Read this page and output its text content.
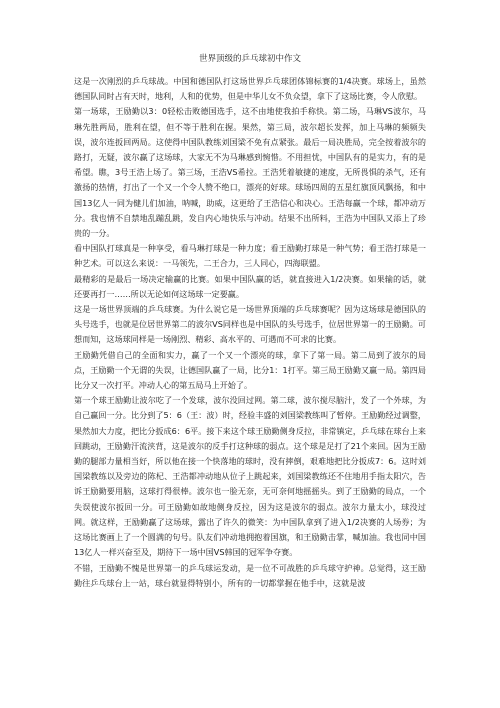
世界顶级的乒乓球初中作文

这是一次刚烈的乒乓球战。中国和德国队打这场世界乒乓球团体锦标赛的1/4决赛。球场上，虽然德国队同时占有天时，地利，人和的优势，但是中华儿女不负众望，拿下了这场比赛，令人欣慰。

第一场球，王励勤以3：0轻松击败德国选手，这不由地使我拍手称快。第二场，马琳VS波尔，马琳先胜两局，胜利在望，但不等于胜利在握。果然，第三局，波尔超长发挥，加上马琳的频频失误，波尔连扳回两局。这使得中国队教练刘国梁不免有点紧张。最后一局决胜局，完全按着波尔的路打，无疑，波尔赢了这场球，大家无不为马琳感到惋惜。不用担忧，中国队有的是实力，有的是希望。瞧，3号王浩上场了。第三场，王浩VS希拉。王浩凭着敏捷的速度，无所畏惧的杀气，还有激扬的热情，打出了一个又一个令人赞不绝口，漂亮的好球。球场四周的五星红旗顶风飘扬，和中国13亿人一同为健儿们加油，呐喊，助威，这更给了王浩信心和决心。王浩每赢一个球，都冲动万分。我也情不自禁地乱蹦乱跳，发自内心地快乐与冲动。结果不出所料，王浩为中国队又添上了珍贵的一分。

看中国队打球真是一种享受，看马琳打球是一种力度；看王励勤打球是一种气势；看王浩打球是一种艺术。可以这么来说：一马领先，二王合力，三人同心，四海联盟。

最精彩的是最后一场决定输赢的比赛。如果中国队赢的话，就直接进入1/2决赛。如果输的话，就还要再打一……所以无论如何这场球一定要赢。

这是一场世界顶端的乒乓球赛。为什么说它是一场世界顶端的乒乓球赛呢？因为这场球是德国队的头号选手，也就是位居世界第二的波尔VS同样也是中国队的头号选手，位居世界第一的王励勤。可想而知，这场球同样是一场刚烈、精彩、高水平的、可遇而不可求的比赛。

王励勤凭借自己的全面和实力，赢了一个又一个漂亮的球，拿下了第一局。第二局到了波尔的局点，王励勤一个无谓的失误，让德国队赢了一局，比分1：1打平。第三局王励勤又赢一局。第四局比分又一次打平。冲动人心的第五局马上开始了。

第一个球王励勤让波尔吃了一个发球，波尔没回过网。第二球，波尔搅尽脑汁，发了一个外球，为自己赢回一分。比分到了5：6（王：波）时，经验丰盛的刘国梁教练叫了暂停。王励勤经过调整，果然加大力度，把比分扳成6：6平。接下来这个球王励勤侧身反拉，非常镇定，乒乓球在球台上来回跳动，王励勤汗流浃背，这是波尔的反手打这种球的弱点。这个球是足打了21个来回。因为王励勤的腿部力量相当好，所以他在接一个快落地的球时，没有摔倒，艰难地把比分扳成7：6。这时刘国梁教练以及旁边的陈杞、王浩都冲动地从位子上跳起来，刘国梁教练还不住地用手指太阳穴，告诉王励勤要用脑，这球打得很棒。波尔也一脸无奈，无可奈何地摇摇头。到了王励勤的局点，一个失误使波尔扳回一分。可王励勤如故地侧身反拉，因为这是波尔的弱点。波尔力量太小，球没过网。就这样，王励勤赢了这场球，露出了许久的微笑：为中国队拿到了进入1/2决赛的人场券；为这场比赛画上了一个圆满的句号。队友们冲动地拥抱着国旗，和王励勤击掌，喊加油。我也同中国13亿人一样兴奋至及，期待下一场中国VS韩国的冠军争夺赛。

不错，王励勤不愧是世界第一的乒乓球运发动，是一位不可战胜的乒乓球守护神。总觉得，这王励勤往乒乓球台上一站，球台就显得特别小，所有的一切都掌握在他手中，这就是波
